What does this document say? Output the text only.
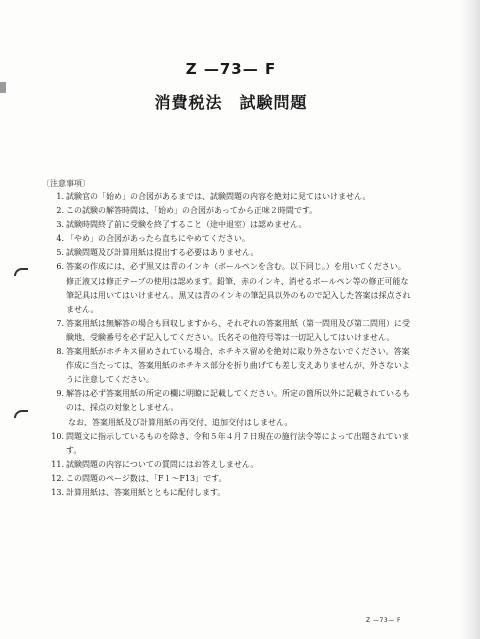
Z —73— F
消費税法　試験問題
〔注意事項〕
1. 試験官の「始め」の合図があるまでは、試験問題の内容を絶対に見てはいけません。
2. この試験の解答時間は、「始め」の合図があってから正味２時間です。
3. 試験時間終了前に受験を終了すること（途中退室）は認めません。
4. 「やめ」の合図があったら直ちにやめてください。
5. 試験問題及び計算用紙は提出する必要はありません。
6. 答案の作成には、必ず黒又は青のインキ（ボールペンを含む。以下同じ。）を用いてください。修正液又は修正テープの使用は認めます。鉛筆、赤のインキ、消せるボールペン等の修正可能な筆記具は用いてはいけません。黒又は青のインキの筆記具以外のもので記入した答案は採点されません。
7. 答案用紙は無解答の場合も回収しますから、それぞれの答案用紙（第一問用及び第二問用）に受験地、受験番号を必ず記入してください。氏名その他符号等は一切記入してはいけません。
8. 答案用紙がホチキス留めされている場合、ホチキス留めを絶対に取り外さないでください。答案作成に当たっては、答案用紙のホチキス部分を折り曲げても差し支えありませんが、外さないように注意してください。
9. 解答は必ず答案用紙の所定の欄に明瞭に記載してください。所定の箇所以外に記載されているものは、採点の対象としません。
なお、答案用紙及び計算用紙の再交付、追加交付はしません。
10. 問題文に指示しているものを除き、令和５年４月７日現在の施行法令等によって出題されています。
11. 試験問題の内容についての質問にはお答えしません。
12. この問題のページ数は、「F１～F13」です。
13. 計算用紙は、答案用紙とともに配付します。
Z —73— F
